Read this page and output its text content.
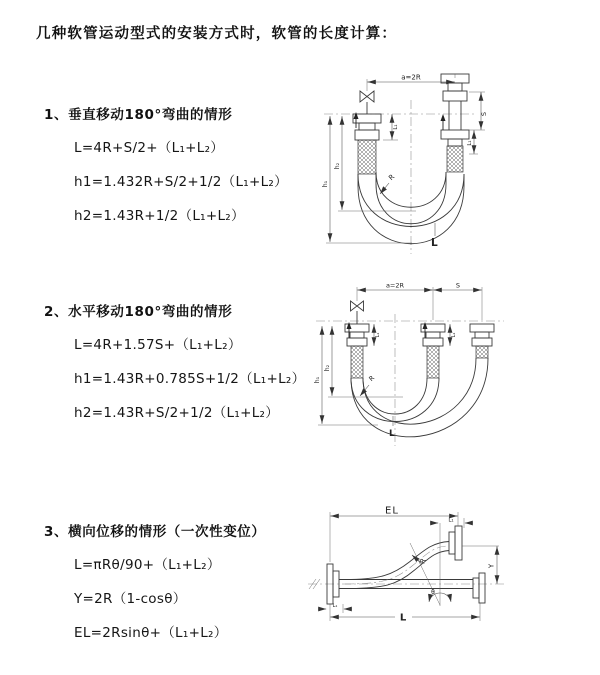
几种软管运动型式的安装方式时，软管的长度计算：
1、垂直移动180°弯曲的情形
L=4R+S/2+（L₁+L₂）
h1=1.432R+S/2+1/2（L₁+L₂）
h2=1.43R+1/2（L₁+L₂）
2、水平移动180°弯曲的情形
L=4R+1.57S+（L₁+L₂）
h1=1.43R+0.785S+1/2（L₁+L₂）
h2=1.43R+S/2+1/2（L₁+L₂）
3、横向位移的情形（一次性变位）
L=πRθ/90+（L₁+L₂）
Y=2R（1-cosθ）
EL=2Rsinθ+（L₁+L₂）
a=2R
S
L₁
L₁
h₁
h₂
R
L
a=2R	S
h₁
h₂
L₁	L₁
R
L
EL
L₁
R
θ
Y
L₁
L
